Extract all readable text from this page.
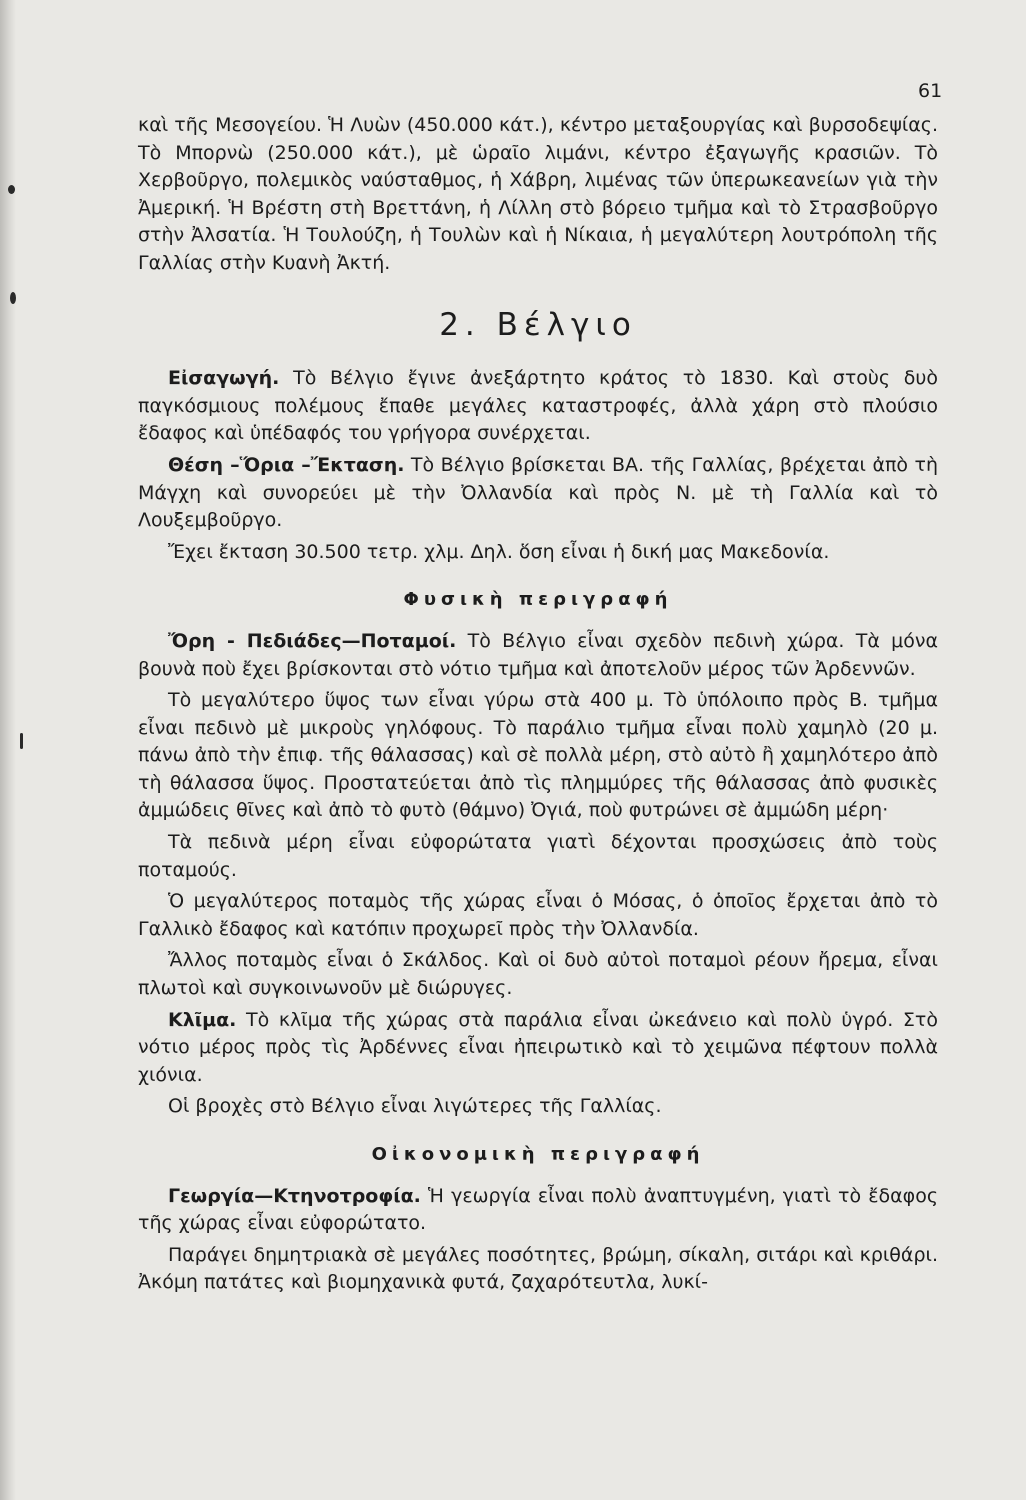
61

καὶ τῆς Μεσογείου. Ἡ Λυὼν (450.000 κάτ.), κέντρο μεταξουργίας καὶ βυρσοδεψίας. Τὸ Μπορνὼ (250.000 κάτ.), μὲ ὡραῖο λιμάνι, κέντρο ἐξαγωγῆς κρασιῶν. Τὸ Χερβοῦργο, πολεμικὸς ναύσταθμος, ἡ Χάβρη, λιμένας τῶν ὑπερωκεανείων γιὰ τὴν Ἀμερική. Ἡ Βρέστη στὴ Βρεττάνη, ἡ Λίλλη στὸ βόρειο τμῆμα καὶ τὸ Στρασβοῦργο στὴν Ἀλσατία. Ἡ Τουλούζη, ἡ Τουλὼν καὶ ἡ Νίκαια, ἡ μεγαλύτερη λουτρόπολη τῆς Γαλλίας στὴν Κυανὴ Ἀκτή.

2. Βέλγιο

Εἰσαγωγή. Τὸ Βέλγιο ἔγινε ἀνεξάρτητο κράτος τὸ 1830. Καὶ στοὺς δυὸ παγκόσμιους πολέμους ἔπαθε μεγάλες καταστροφές, ἀλλὰ χάρη στὸ πλούσιο ἔδαφος καὶ ὑπέδαφός του γρήγορα συνέρχεται.

Θέση –Ὅρια –Ἔκταση. Τὸ Βέλγιο βρίσκεται ΒΑ. τῆς Γαλλίας, βρέχεται ἀπὸ τὴ Μάγχη καὶ συνορεύει μὲ τὴν Ὀλλανδία καὶ πρὸς Ν. μὲ τὴ Γαλλία καὶ τὸ Λουξεμβοῦργο.

Ἔχει ἔκταση 30.500 τετρ. χλμ. Δηλ. ὅση εἶναι ἡ δική μας Μακεδονία.

Φυσικὴ περιγραφή

Ὄρη - Πεδιάδες—Ποταμοί. Τὸ Βέλγιο εἶναι σχεδὸν πεδινὴ χώρα. Τὰ μόνα βουνὰ ποὺ ἔχει βρίσκονται στὸ νότιο τμῆμα καὶ ἀποτελοῦν μέρος τῶν Ἀρδεννῶν.

Τὸ μεγαλύτερο ὕψος των εἶναι γύρω στὰ 400 μ. Τὸ ὑπόλοιπο πρὸς Β. τμῆμα εἶναι πεδινὸ μὲ μικροὺς γηλόφους. Τὸ παράλιο τμῆμα εἶναι πολὺ χαμηλὸ (20 μ. πάνω ἀπὸ τὴν ἐπιφ. τῆς θάλασσας) καὶ σὲ πολλὰ μέρη, στὸ αὐτὸ ἢ χαμηλότερο ἀπὸ τὴ θάλασσα ὕψος. Προστατεύεται ἀπὸ τὶς πλημμύρες τῆς θάλασσας ἀπὸ φυσικὲς ἀμμώδεις θῖνες καὶ ἀπὸ τὸ φυτὸ (θάμνο) Ὀγιά, ποὺ φυτρώνει σὲ ἀμμώδη μέρη·

Τὰ πεδινὰ μέρη εἶναι εὐφορώτατα γιατὶ δέχονται προσχώσεις ἀπὸ τοὺς ποταμούς.

Ὁ μεγαλύτερος ποταμὸς τῆς χώρας εἶναι ὁ Μόσας, ὁ ὁποῖος ἔρχεται ἀπὸ τὸ Γαλλικὸ ἔδαφος καὶ κατόπιν προχωρεῖ πρὸς τὴν Ὀλλανδία.

Ἄλλος ποταμὸς εἶναι ὁ Σκάλδος. Καὶ οἱ δυὸ αὐτοὶ ποταμοὶ ρέουν ἤρεμα, εἶναι πλωτοὶ καὶ συγκοινωνοῦν μὲ διώρυγες.

Κλῖμα. Τὸ κλῖμα τῆς χώρας στὰ παράλια εἶναι ὠκεάνειο καὶ πολὺ ὑγρό. Στὸ νότιο μέρος πρὸς τὶς Ἀρδέννες εἶναι ἠπειρωτικὸ καὶ τὸ χειμῶνα πέφτουν πολλὰ χιόνια.

Οἱ βροχὲς στὸ Βέλγιο εἶναι λιγώτερες τῆς Γαλλίας.

Οἰκονομικὴ περιγραφή

Γεωργία—Κτηνοτροφία. Ἡ γεωργία εἶναι πολὺ ἀναπτυγμένη, γιατὶ τὸ ἔδαφος τῆς χώρας εἶναι εὐφορώτατο.

Παράγει δημητριακὰ σὲ μεγάλες ποσότητες, βρώμη, σίκαλη, σιτάρι καὶ κριθάρι. Ἀκόμη πατάτες καὶ βιομηχανικὰ φυτά, ζαχαρότευτλα, λυκί-
